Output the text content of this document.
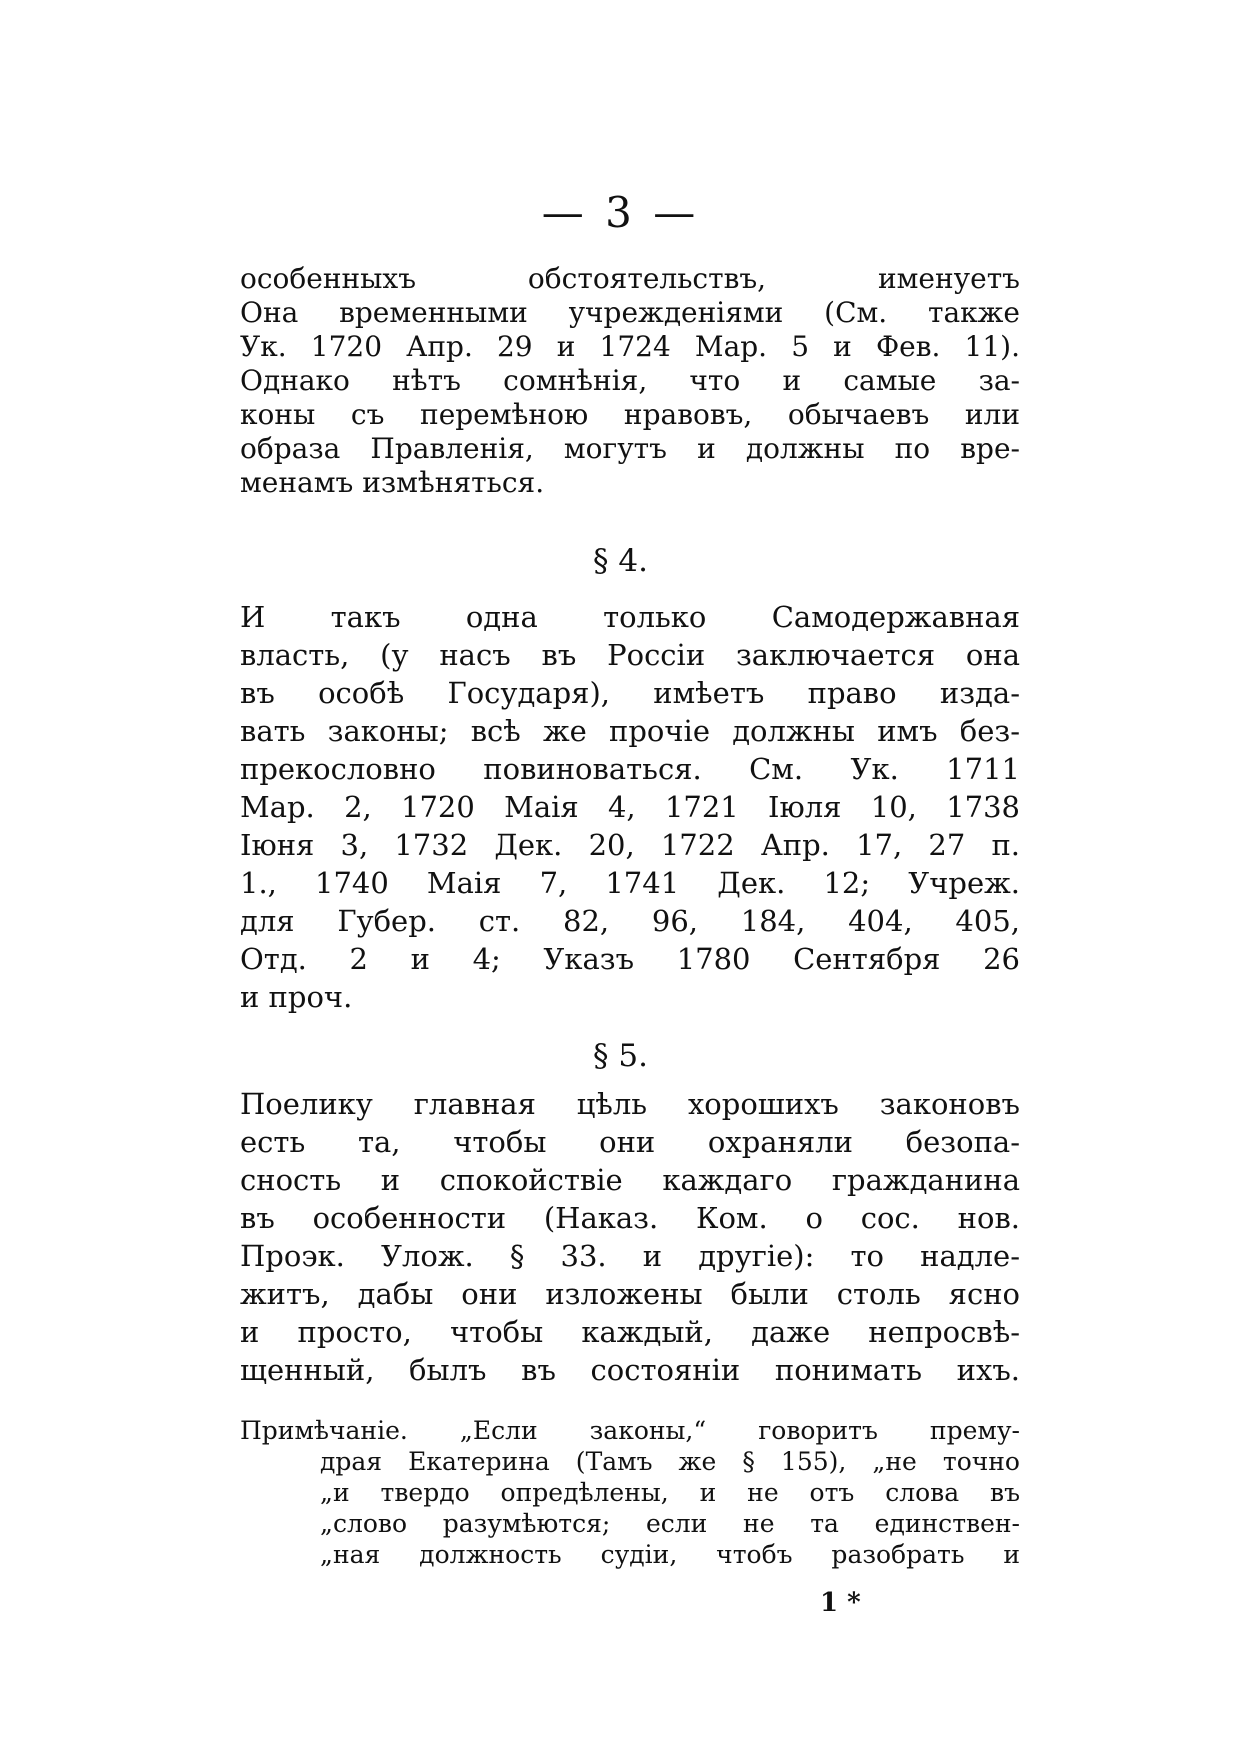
— 3 —
особенныхъ обстоятельствъ, именуетъ
Она временными учрежденіями (См. также
Ук. 1720 Апр. 29 и 1724 Мар. 5 и Фев. 11).
Однако нѣтъ сомнѣнія, что и самые за-
коны съ перемѣною нравовъ, обычаевъ или
образа Правленія, могутъ и должны по вре-
менамъ измѣняться.
§ 4.
И такъ одна только Самодержавная
власть, (у насъ въ Россіи заключается она
въ особѣ Государя), имѣетъ право изда-
вать законы; всѣ же прочіе должны имъ без-
прекословно повиноваться. См. Ук. 1711
Мар. 2, 1720 Маія 4, 1721 Іюля 10, 1738
Іюня 3, 1732 Дек. 20, 1722 Апр. 17, 27 п.
1., 1740 Маія 7, 1741 Дек. 12; Учреж.
для Губер. ст. 82, 96, 184, 404, 405,
Отд. 2 и 4; Указъ 1780 Сентября 26
и проч.
§ 5.
Поелику главная цѣль хорошихъ законовъ
есть та, чтобы они охраняли безопа-
сность и спокойствіе каждаго гражданина
въ особенности (Наказ. Ком. о сос. нов.
Проэк. Улож. § 33. и другіе): то надле-
житъ, дабы они изложены были столь ясно
и просто, чтобы каждый, даже непросвѣ-
щенный, былъ въ состояніи понимать ихъ.
Примѣчаніе. „Если законы,“ говоритъ прему-
драя Екатерина (Тамъ же § 155), „не точно
„и твердо опредѣлены, и не отъ слова въ
„слово разумѣются; если не та единствен-
„ная должность судіи, чтобъ разобрать и
1 *
